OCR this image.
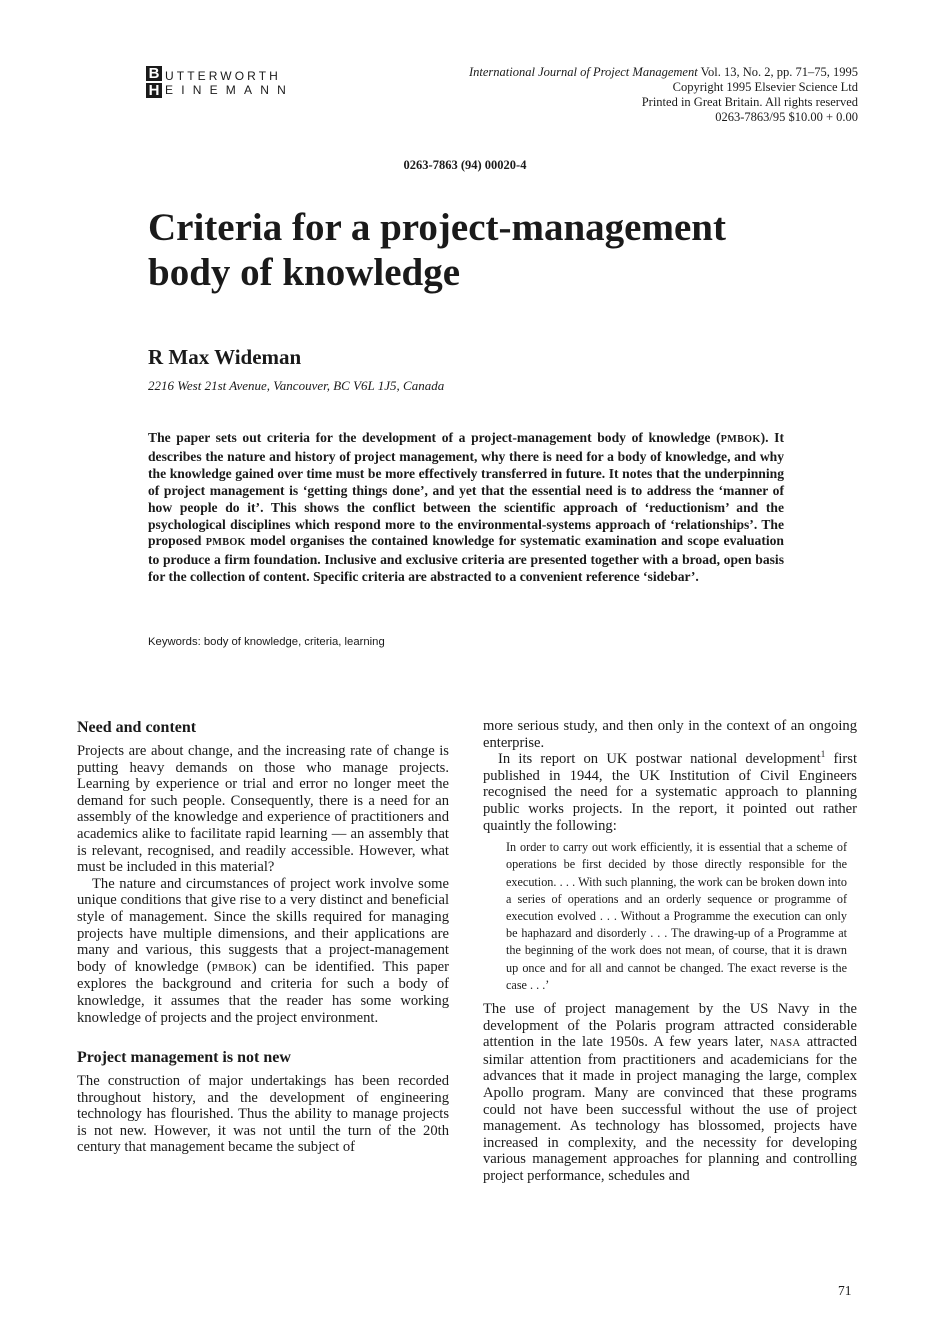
B UTTERWORTH
H EINEMANN
International Journal of Project Management Vol. 13, No. 2, pp. 71–75, 1995
Copyright 1995 Elsevier Science Ltd
Printed in Great Britain. All rights reserved
0263-7863/95 $10.00 + 0.00
0263-7863 (94) 00020-4
Criteria for a project-management
body of knowledge
R Max Wideman
2216 West 21st Avenue, Vancouver, BC V6L 1J5, Canada

The paper sets out criteria for the development of a project-management body of knowledge (PMBOK). It describes the nature and history of project management, why there is need for a body of knowledge, and why the knowledge gained over time must be more effectively transferred in future. It notes that the underpinning of project management is ‘getting things done’, and yet that the essential need is to address the ‘manner of how people do it’. This shows the conflict between the scientific approach of ‘reductionism’ and the psychological disciplines which respond more to the environmental-systems approach of ‘relationships’. The proposed PMBOK model organises the contained knowledge for systematic examination and scope evaluation to produce a firm foundation. Inclusive and exclusive criteria are presented together with a broad, open basis for the collection of content. Specific criteria are abstracted to a convenient reference ‘sidebar’.

Keywords: body of knowledge, criteria, learning
Need and content

Projects are about change, and the increasing rate of change is putting heavy demands on those who manage projects. Learning by experience or trial and error no longer meet the demand for such people. Consequently, there is a need for an assembly of the knowledge and experience of practitioners and academics alike to facilitate rapid learning — an assembly that is relevant, recognised, and readily accessible. However, what must be included in this material?

The nature and circumstances of project work involve some unique conditions that give rise to a very distinct and beneficial style of management. Since the skills required for managing projects have multiple dimensions, and their applications are many and various, this suggests that a project-management body of knowledge (PMBOK) can be identified. This paper explores the background and criteria for such a body of knowledge, it assumes that the reader has some working knowledge of projects and the project environment.

Project management is not new

The construction of major undertakings has been recorded throughout history, and the development of engineering technology has flourished. Thus the ability to manage projects is not new. However, it was not until the turn of the 20th century that management became the subject of

more serious study, and then only in the context of an ongoing enterprise.

In its report on UK postwar national development$^1$ first published in 1944, the UK Institution of Civil Engineers recognised the need for a systematic approach to planning public works projects. In the report, it pointed out rather quaintly the following:

In order to carry out work efficiently, it is essential that a scheme of operations be first decided by those directly responsible for the execution. . . . With such planning, the work can be broken down into a series of operations and an orderly sequence or programme of execution evolved . . . Without a Programme the execution can only be haphazard and disorderly . . . The drawing-up of a Programme at the beginning of the work does not mean, of course, that it is drawn up once and for all and cannot be changed. The exact reverse is the case . . .’

The use of project management by the US Navy in the development of the Polaris program attracted considerable attention in the late 1950s. A few years later, NASA attracted similar attention from practitioners and academicians for the advances that it made in project managing the large, complex Apollo program. Many are convinced that these programs could not have been successful without the use of project management. As technology has blossomed, projects have increased in complexity, and the necessity for developing various management approaches for planning and controlling project performance, schedules and

71
